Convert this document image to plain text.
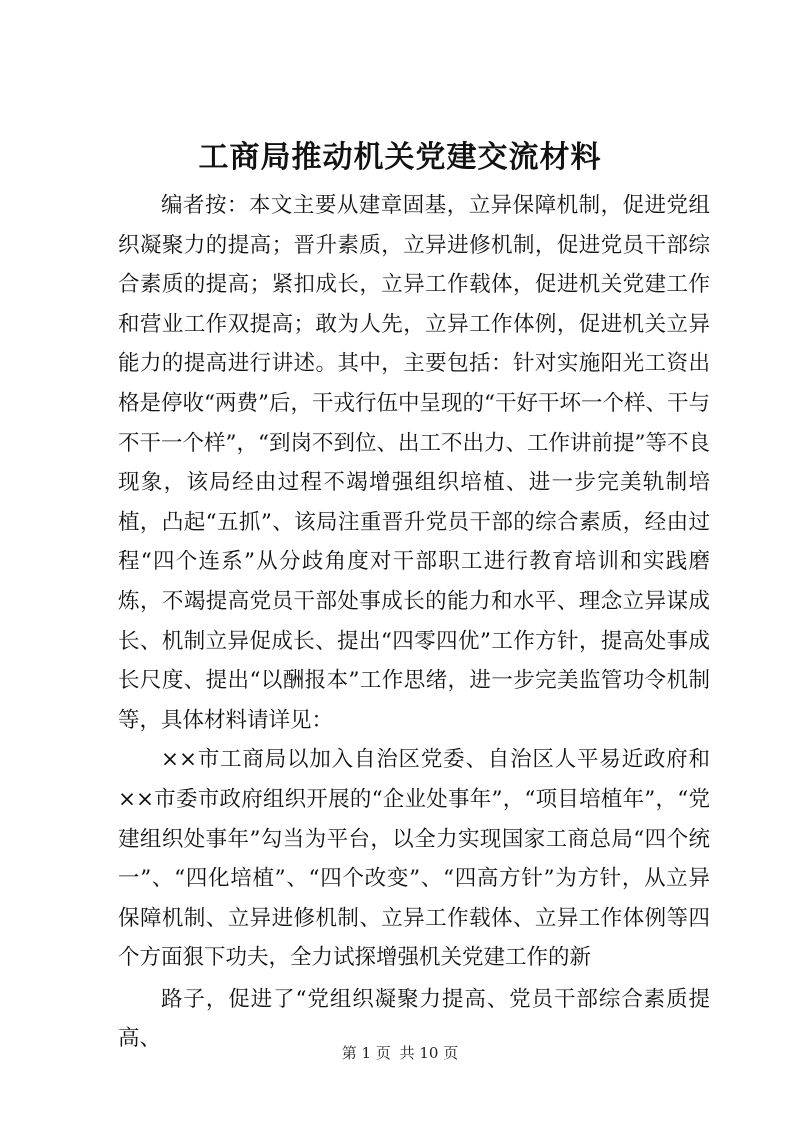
工商局推动机关党建交流材料

编者按：本文主要从建章固基，立异保障机制，促进党组织凝聚力的提高；晋升素质，立异进修机制，促进党员干部综合素质的提高；紧扣成长，立异工作载体，促进机关党建工作和营业工作双提高；敢为人先，立异工作体例，促进机关立异能力的提高进行讲述。其中，主要包括：针对实施阳光工资出格是停收“两费”后，干戎行伍中呈现的“干好干坏一个样、干与不干一个样”，“到岗不到位、出工不出力、工作讲前提”等不良现象，该局经由过程不竭增强组织培植、进一步完美轨制培植，凸起“五抓”、该局注重晋升党员干部的综合素质，经由过程“四个连系”从分歧角度对干部职工进行教育培训和实践磨炼，不竭提高党员干部处事成长的能力和水平、理念立异谋成长、机制立异促成长、提出“四零四优”工作方针，提高处事成长尺度、提出“以酬报本”工作思绪，进一步完美监管功令机制等，具体材料请详见：

××市工商局以加入自治区党委、自治区人平易近政府和××市委市政府组织开展的“企业处事年”，“项目培植年”，“党建组织处事年”勾当为平台，以全力实现国家工商总局“四个统一”、“四化培植”、“四个改变”、“四高方针”为方针，从立异保障机制、立异进修机制、立异工作载体、立异工作体例等四个方面狠下功夫，全力试探增强机关党建工作的新

路子，促进了“党组织凝聚力提高、党员干部综合素质提高、

第 1 页 共 10 页
